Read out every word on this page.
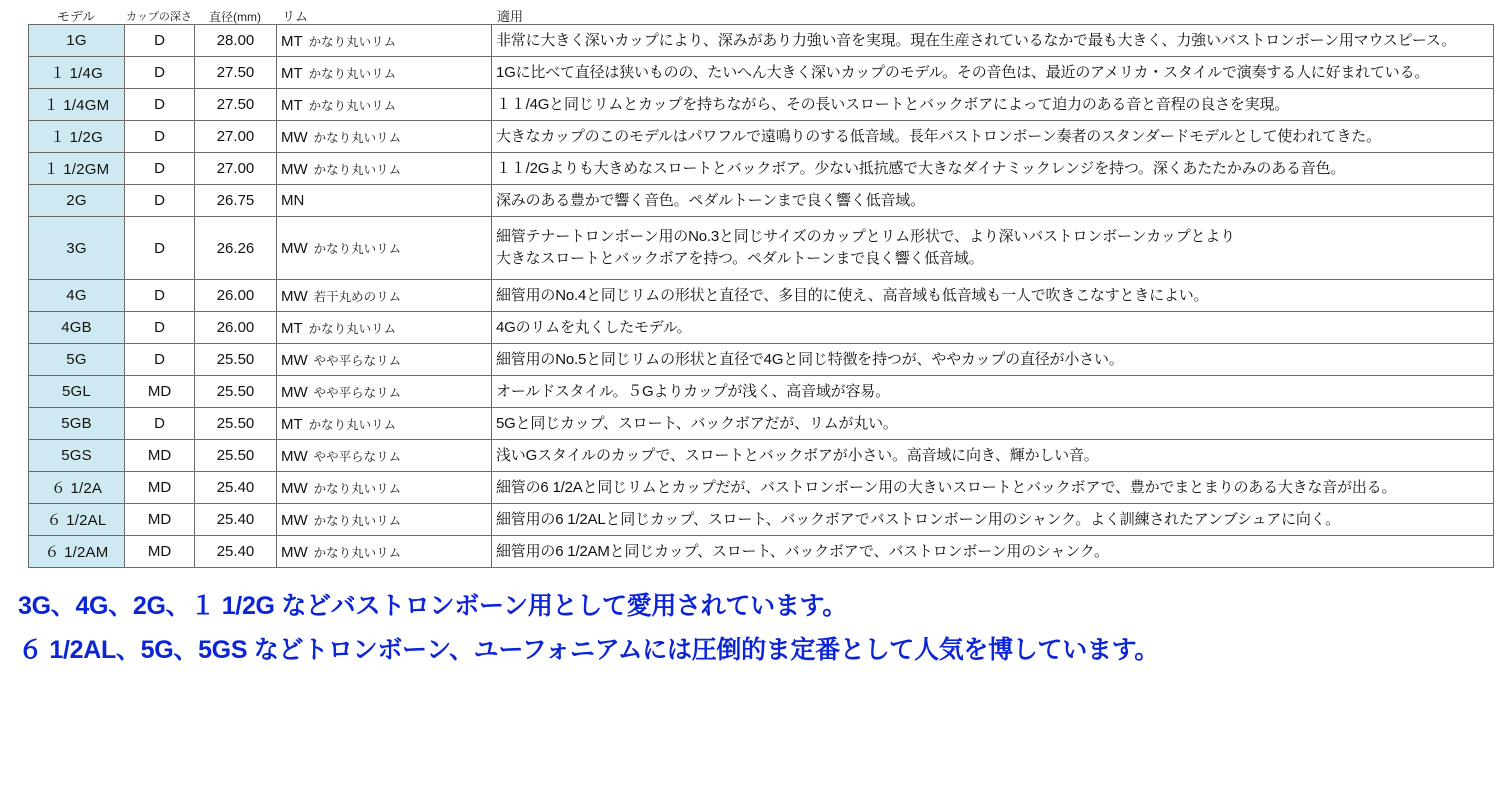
モデル	カップの深さ	直径(mm)	リム	適用
1G	D	28.00	MT かなり丸いリム	非常に大きく深いカップにより、深みがあり力強い音を実現。現在生産されているなかで最も大きく、力強いバストロンボーン用マウスピース。

１ 1/4G	D	27.50	MT かなり丸いリム	1Gに比べて直径は狭いものの、たいへん大きく深いカップのモデル。その音色は、最近のアメリカ・スタイルで演奏する人に好まれている。

１ 1/4GM	D	27.50	MT かなり丸いリム	１１/4Gと同じリムとカップを持ちながら、その長いスロートとバックボアによって迫力のある音と音程の良さを実現。

１ 1/2G	D	27.00	MW かなり丸いリム	大きなカップのこのモデルはパワフルで遠鳴りのする低音域。長年バストロンボーン奏者のスタンダードモデルとして使われてきた。

１ 1/2GM	D	27.00	MW かなり丸いリム	１１/2Gよりも大きめなスロートとバックボア。少ない抵抗感で大きなダイナミックレンジを持つ。深くあたたかみのある音色。

2G	D	26.75	MN	深みのある豊かで響く音色。ペダルトーンまで良く響く低音域。

3G	D	26.26	MW かなり丸いリム	細管テナートロンボーン用のNo.3と同じサイズのカップとリム形状で、より深いバストロンボーンカップとより
大きなスロートとバックボアを持つ。ペダルトーンまで良く響く低音域。

4G	D	26.00	MW 若干丸めのリム	細管用のNo.4と同じリムの形状と直径で、多目的に使え、高音域も低音域も一人で吹きこなすときによい。

4GB	D	26.00	MT かなり丸いリム	4Gのリムを丸くしたモデル。

5G	D	25.50	MW やや平らなリム	細管用のNo.5と同じリムの形状と直径で4Gと同じ特徴を持つが、ややカップの直径が小さい。

5GL	MD	25.50	MW やや平らなリム	オールドスタイル。５Gよりカップが浅く、高音域が容易。

5GB	D	25.50	MT かなり丸いリム	5Gと同じカップ、スロート、バックボアだが、リムが丸い。

5GS	MD	25.50	MW やや平らなリム	浅いGスタイルのカップで、スロートとバックボアが小さい。高音域に向き、輝かしい音。

６ 1/2A	MD	25.40	MW かなり丸いリム	細管の6 1/2Aと同じリムとカップだが、バストロンボーン用の大きいスロートとバックボアで、豊かでまとまりのある大きな音が出る。

６ 1/2AL	MD	25.40	MW かなり丸いリム	細管用の6 1/2ALと同じカップ、スロート、バックボアでバストロンボーン用のシャンク。よく訓練されたアンブシュアに向く。

６ 1/2AM	MD	25.40	MW かなり丸いリム	細管用の6 1/2AMと同じカップ、スロート、バックボアで、バストロンボーン用のシャンク。
3G、4G、2G、１ 1/2G などバストロンボーン用として愛用されています。
６ 1/2AL、5G、5GS などトロンボーン、ユーフォニアムには圧倒的ま定番として人気を博しています。
